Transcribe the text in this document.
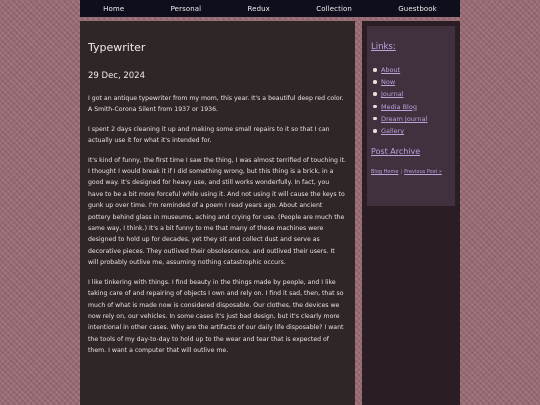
Home	Personal	Redux	Collection	Guestbook
Typewriter
29 Dec, 2024

I got an antique typewriter from my mom, this year. It's a beautiful deep red color. A Smith-Corona Silent from 1937 or 1936.

I spent 2 days cleaning it up and making some small repairs to it so that I can actually use it for what it's intended for.

It's kind of funny, the first time I saw the thing, I was almost terrified of touching it. I thought I would break it if I did something wrong, but this thing is a brick, in a good way. It's designed for heavy use, and still works wonderfully. In fact, you have to be a bit more forceful while using it. And not using it will cause the keys to gunk up over time. I'm reminded of a poem I read years ago. About ancient pottery behind glass in museums, aching and crying for use. (People are much the same way, I think.) It's a bit funny to me that many of these machines were designed to hold up for decades, yet they sit and collect dust and serve as decorative pieces. They outlived their obsolescence, and outlived their users. It will probably outlive me, assuming nothing catastrophic occurs.

I like tinkering with things. I find beauty in the things made by people, and I like taking care of and repairing of objects I own and rely on. I find it sad, then, that so much of what is made now is considered disposable. Our clothes, the devices we now rely on, our vehicles. In some cases it's just bad design, but it's clearly more intentional in other cases. Why are the artifacts of our daily life disposable? I want the tools of my day-to-day to hold up to the wear and tear that is expected of them. I want a computer that will outlive me.

Links:
About
Now
Journal
Media Blog
Dream Journal
Gallery
Post Archive
Blog Home | Previous Post »
